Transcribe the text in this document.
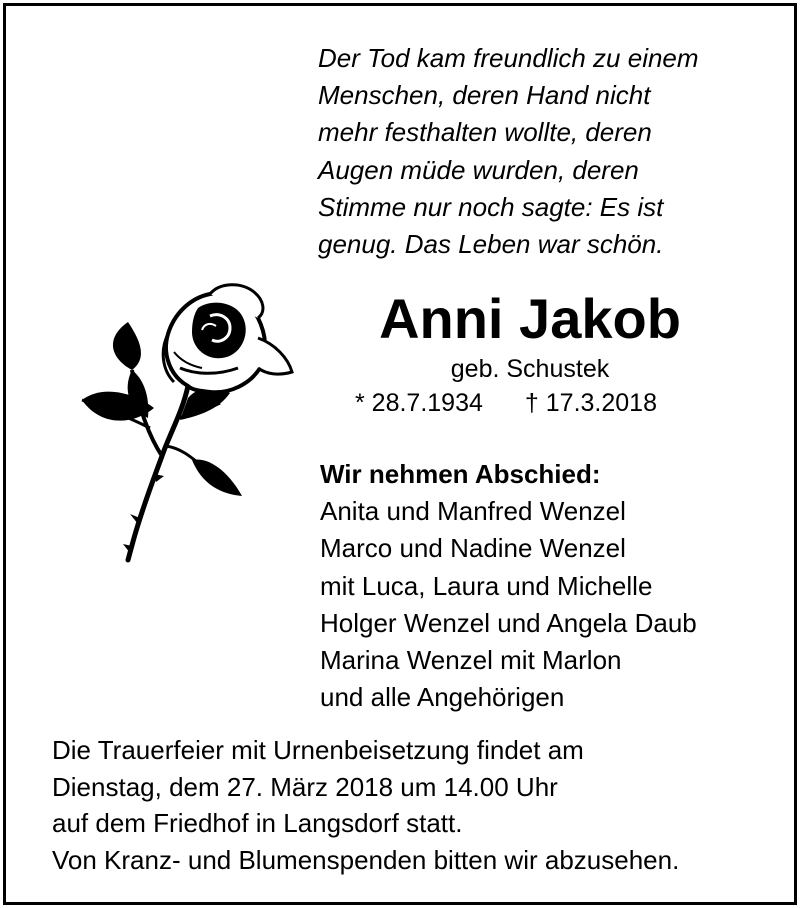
Der Tod kam freundlich zu einem
Menschen, deren Hand nicht
mehr festhalten wollte, deren
Augen müde wurden, deren
Stimme nur noch sagte: Es ist
genug. Das Leben war schön.
Anni Jakob
geb. Schustek
* 28.7.1934 † 17.3.2018
Wir nehmen Abschied:
Anita und Manfred Wenzel
Marco und Nadine Wenzel
mit Luca, Laura und Michelle
Holger Wenzel und Angela Daub
Marina Wenzel mit Marlon
und alle Angehörigen
Die Trauerfeier mit Urnenbeisetzung findet am
Dienstag, dem 27. März 2018 um 14.00 Uhr
auf dem Friedhof in Langsdorf statt.
Von Kranz- und Blumenspenden bitten wir abzusehen.
